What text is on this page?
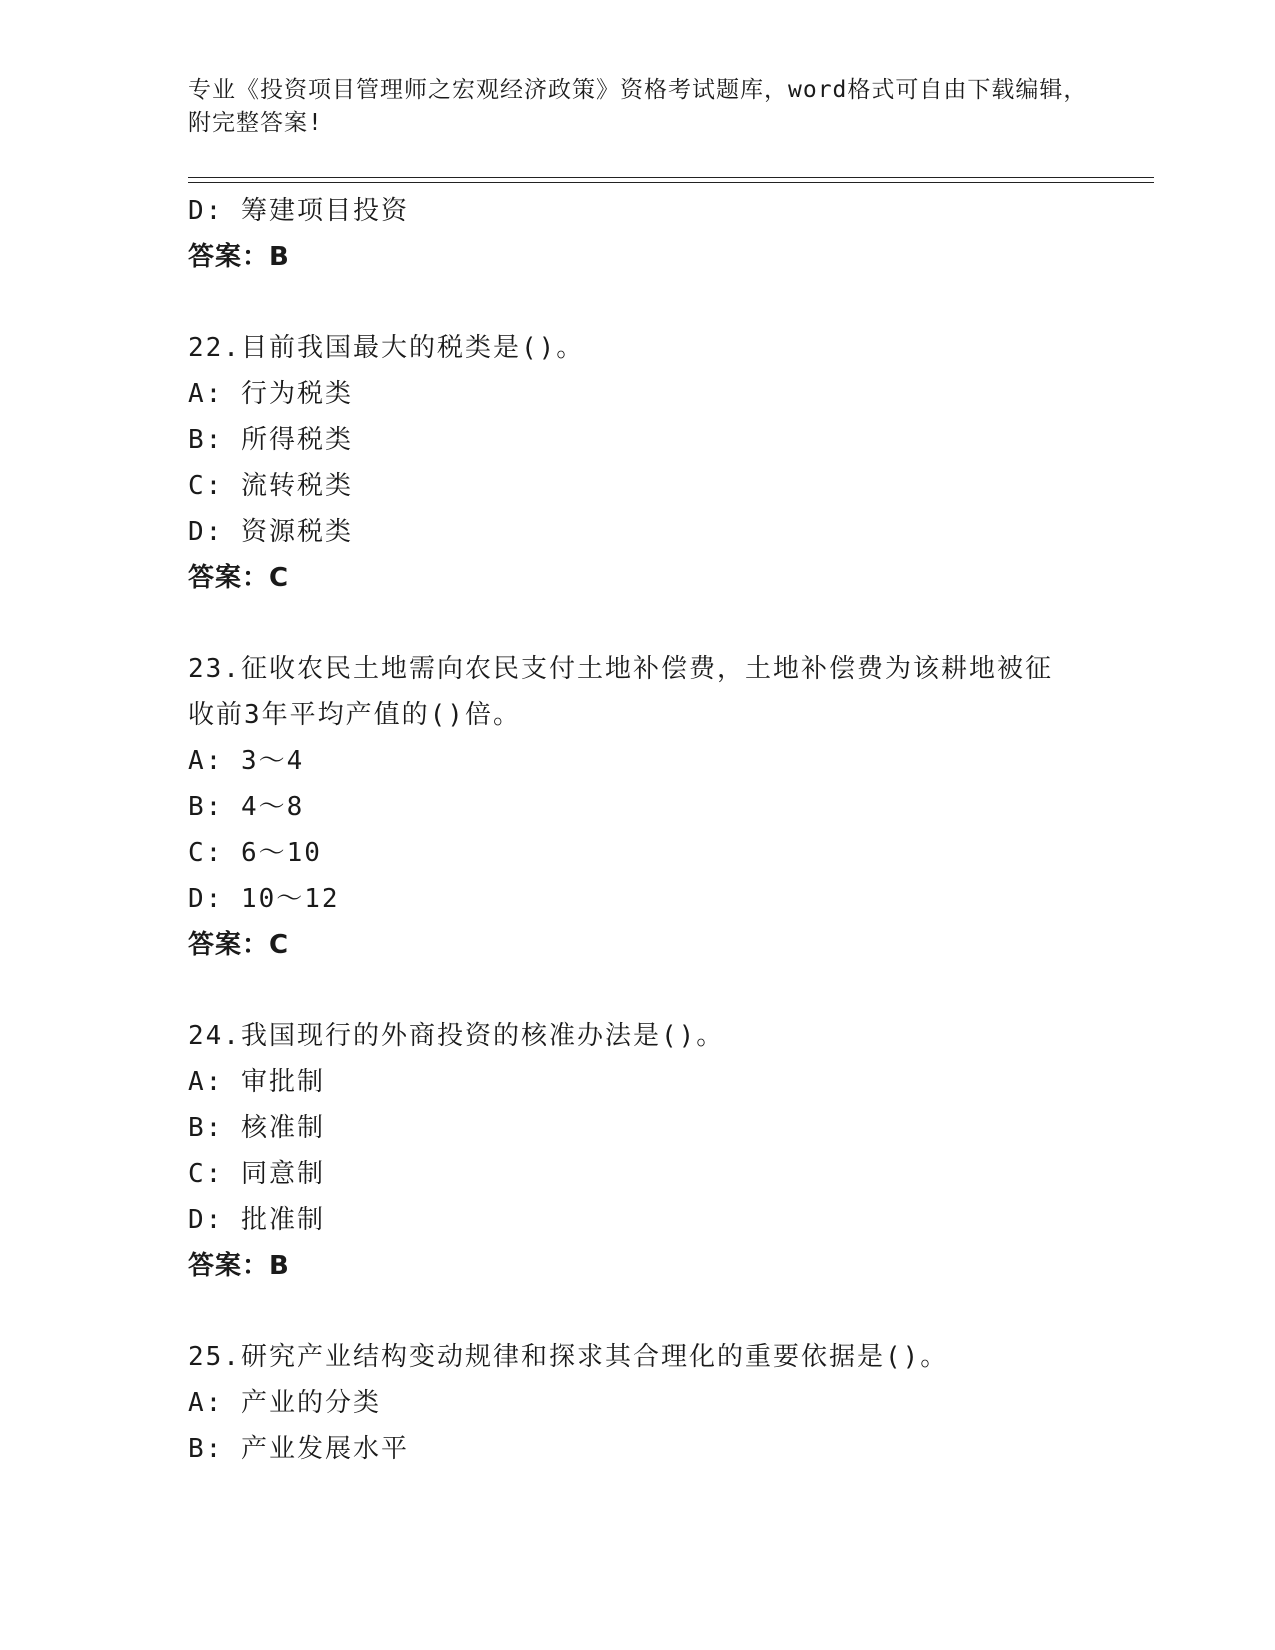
专业《投资项目管理师之宏观经济政策》资格考试题库，word格式可自由下载编辑，附完整答案!
D: 筹建项目投资
答案：B
22.目前我国最大的税类是()。
A: 行为税类
B: 所得税类
C: 流转税类
D: 资源税类
答案：C
23.征收农民土地需向农民支付土地补偿费，土地补偿费为该耕地被征
收前3年平均产值的()倍。
A: 3～4
B: 4～8
C: 6～10
D: 10～12
答案：C
24.我国现行的外商投资的核准办法是()。
A: 审批制
B: 核准制
C: 同意制
D: 批准制
答案：B
25.研究产业结构变动规律和探求其合理化的重要依据是()。
A: 产业的分类
B: 产业发展水平
